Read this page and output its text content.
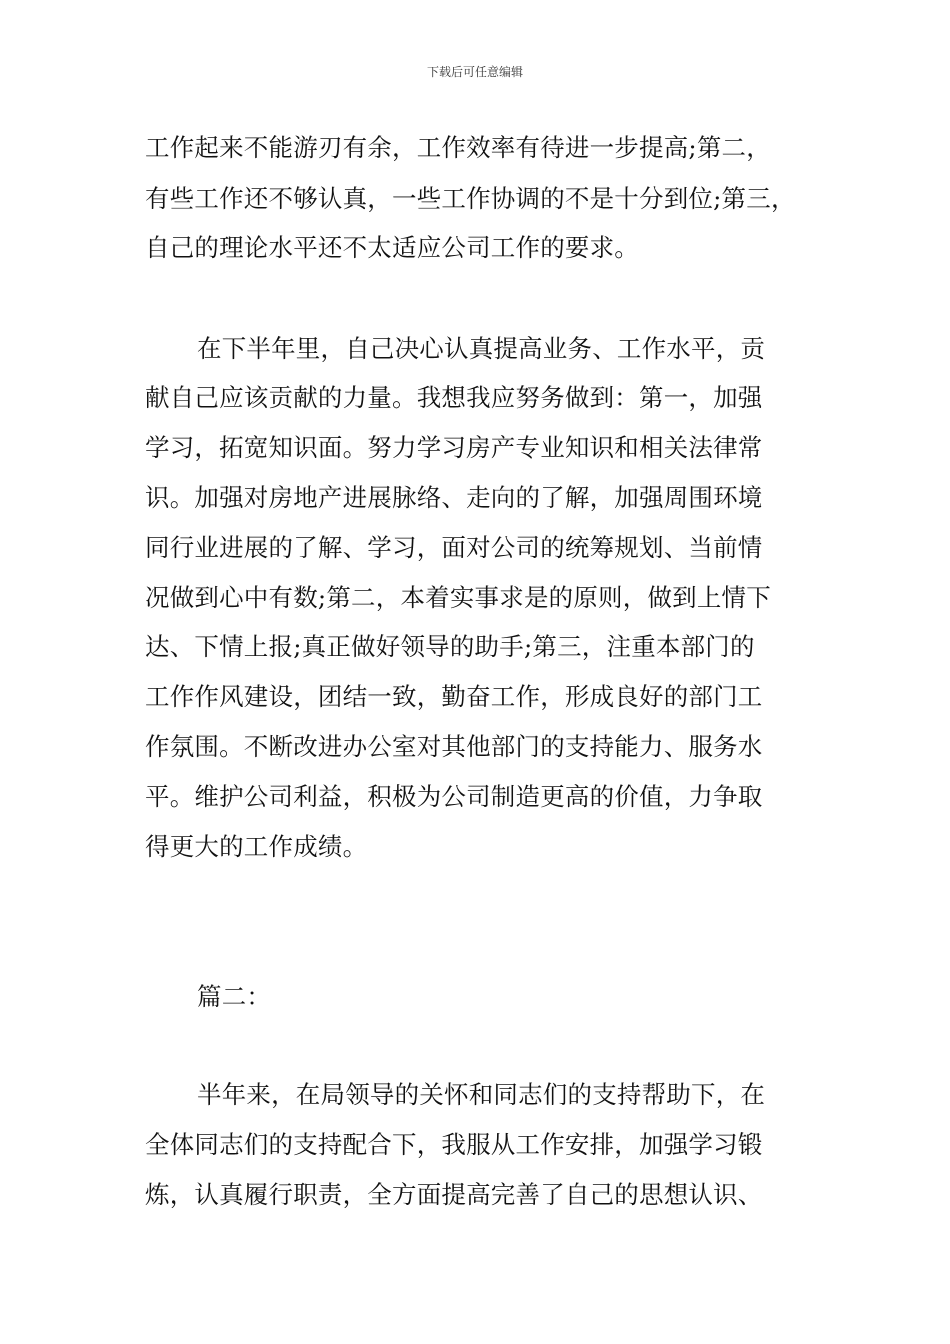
下载后可任意编辑
工作起来不能游刃有余，工作效率有待进一步提高;第二，
有些工作还不够认真，一些工作协调的不是十分到位;第三，
自己的理论水平还不太适应公司工作的要求。
在下半年里，自己决心认真提高业务、工作水平，贡
献自己应该贡献的力量。我想我应努务做到：第一，加强
学习，拓宽知识面。努力学习房产专业知识和相关法律常
识。加强对房地产进展脉络、走向的了解，加强周围环境
同行业进展的了解、学习，面对公司的统筹规划、当前情
况做到心中有数;第二，本着实事求是的原则，做到上情下
达、下情上报;真正做好领导的助手;第三，注重本部门的
工作作风建设，团结一致，勤奋工作，形成良好的部门工
作氛围。不断改进办公室对其他部门的支持能力、服务水
平。维护公司利益，积极为公司制造更高的价值，力争取
得更大的工作成绩。
篇二：
半年来，在局领导的关怀和同志们的支持帮助下，在
全体同志们的支持配合下，我服从工作安排，加强学习锻
炼，认真履行职责，全方面提高完善了自己的思想认识、
